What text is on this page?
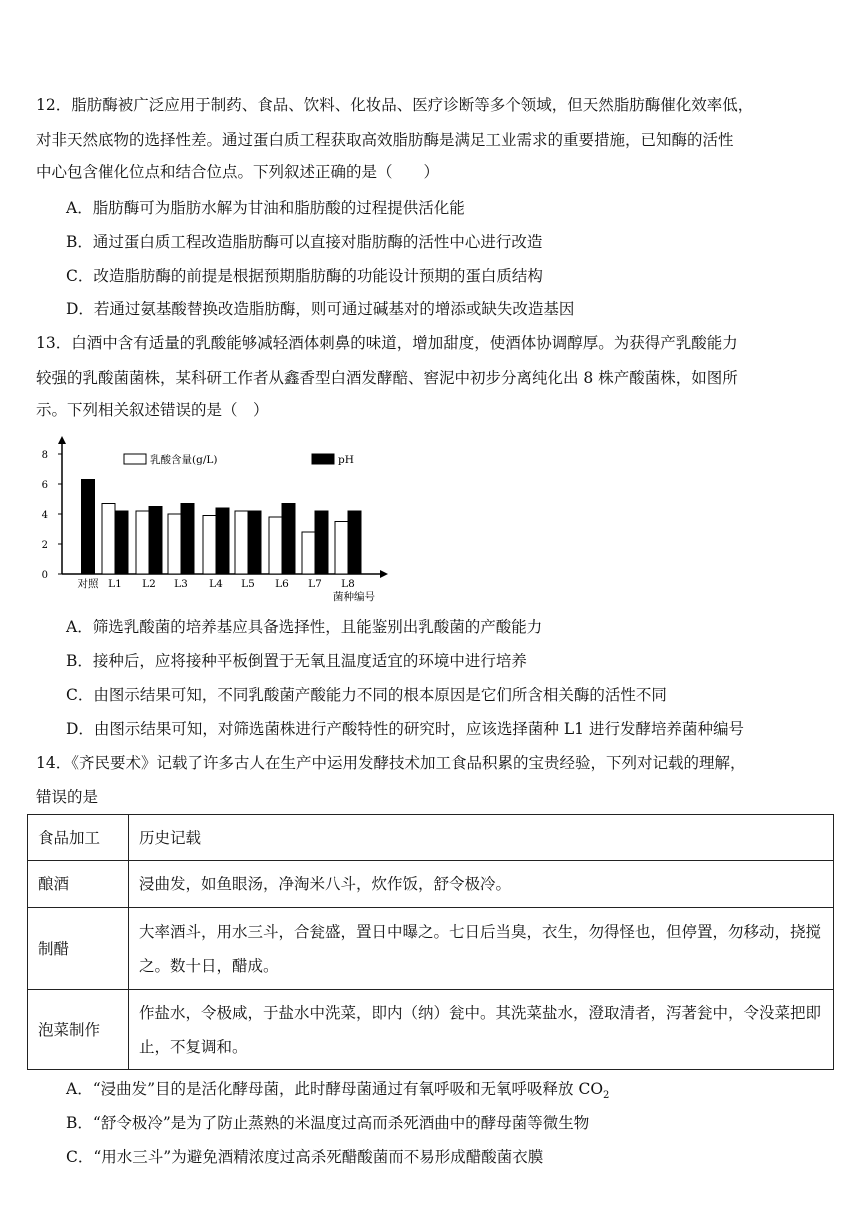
12．脂肪酶被广泛应用于制药、食品、饮料、化妆品、医疗诊断等多个领域，但天然脂肪酶催化效率低，
对非天然底物的选择性差。通过蛋白质工程获取高效脂肪酶是满足工业需求的重要措施，已知酶的活性
中心包含催化位点和结合位点。下列叙述正确的是（　　）
A．脂肪酶可为脂肪水解为甘油和脂肪酸的过程提供活化能
B．通过蛋白质工程改造脂肪酶可以直接对脂肪酶的活性中心进行改造
C．改造脂肪酶的前提是根据预期脂肪酶的功能设计预期的蛋白质结构
D．若通过氨基酸替换改造脂肪酶，则可通过碱基对的增添或缺失改造基因
13．白酒中含有适量的乳酸能够减轻酒体刺鼻的味道，增加甜度，使酒体协调醇厚。为获得产乳酸能力
较强的乳酸菌菌株，某科研工作者从鑫香型白酒发酵醅、窖泥中初步分离纯化出 8 株产酸菌株，如图所
示。下列相关叙述错误的是（　）
0
2
4
6
8
对照 L1 L2 L3 L4 L5 L6 L7 L8
菌种编号
乳酸含量(g/L)	pH
A．筛选乳酸菌的培养基应具备选择性，且能鉴别出乳酸菌的产酸能力
B．接种后，应将接种平板倒置于无氧且温度适宜的环境中进行培养
C．由图示结果可知，不同乳酸菌产酸能力不同的根本原因是它们所含相关酶的活性不同
D．由图示结果可知，对筛选菌株进行产酸特性的研究时，应该选择菌种 L1 进行发酵培养菌种编号
14．《齐民要术》记载了许多古人在生产中运用发酵技术加工食品积累的宝贵经验，下列对记载的理解，
错误的是
食品加工	历史记载
酿酒	浸曲发，如鱼眼汤，净淘米八斗，炊作饭，舒令极冷。
制醋	大率酒斗，用水三斗，合瓮盛，置日中曝之。七日后当臭，衣生，勿得怪也，但停置，勿移动，挠搅之。数十日，醋成。
泡菜制作	作盐水，令极咸，于盐水中洗菜，即内（纳）瓮中。其洗菜盐水，澄取清者，泻著瓮中，令没菜把即止，不复调和。
A．“浸曲发”目的是活化酵母菌，此时酵母菌通过有氧呼吸和无氧呼吸释放 $CO_2$
B．“舒令极冷”是为了防止蒸熟的米温度过高而杀死酒曲中的酵母菌等微生物
C．“用水三斗”为避免酒精浓度过高杀死醋酸菌而不易形成醋酸菌衣膜
